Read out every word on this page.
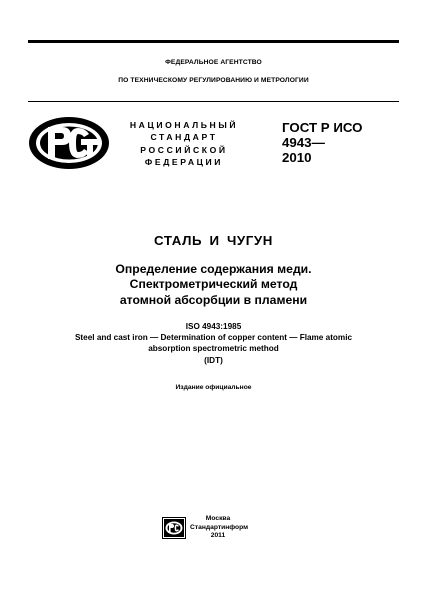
ФЕДЕРАЛЬНОЕ АГЕНТСТВО
ПО ТЕХНИЧЕСКОМУ РЕГУЛИРОВАНИЮ И МЕТРОЛОГИИ
НАЦИОНАЛЬНЫЙ
СТАНДАРТ
РОССИЙСКОЙ
ФЕДЕРАЦИИ
ГОСТ Р ИСО
4943—
2010
СТАЛЬ И ЧУГУН
Определение содержания меди.
Спектрометрический метод
атомной абсорбции в пламени
ISO 4943:1985
Steel and cast iron — Determination of copper content — Flame atomic
absorption spectrometric method
(IDT)
Издание официальное
Москва
Стандартинформ
2011
